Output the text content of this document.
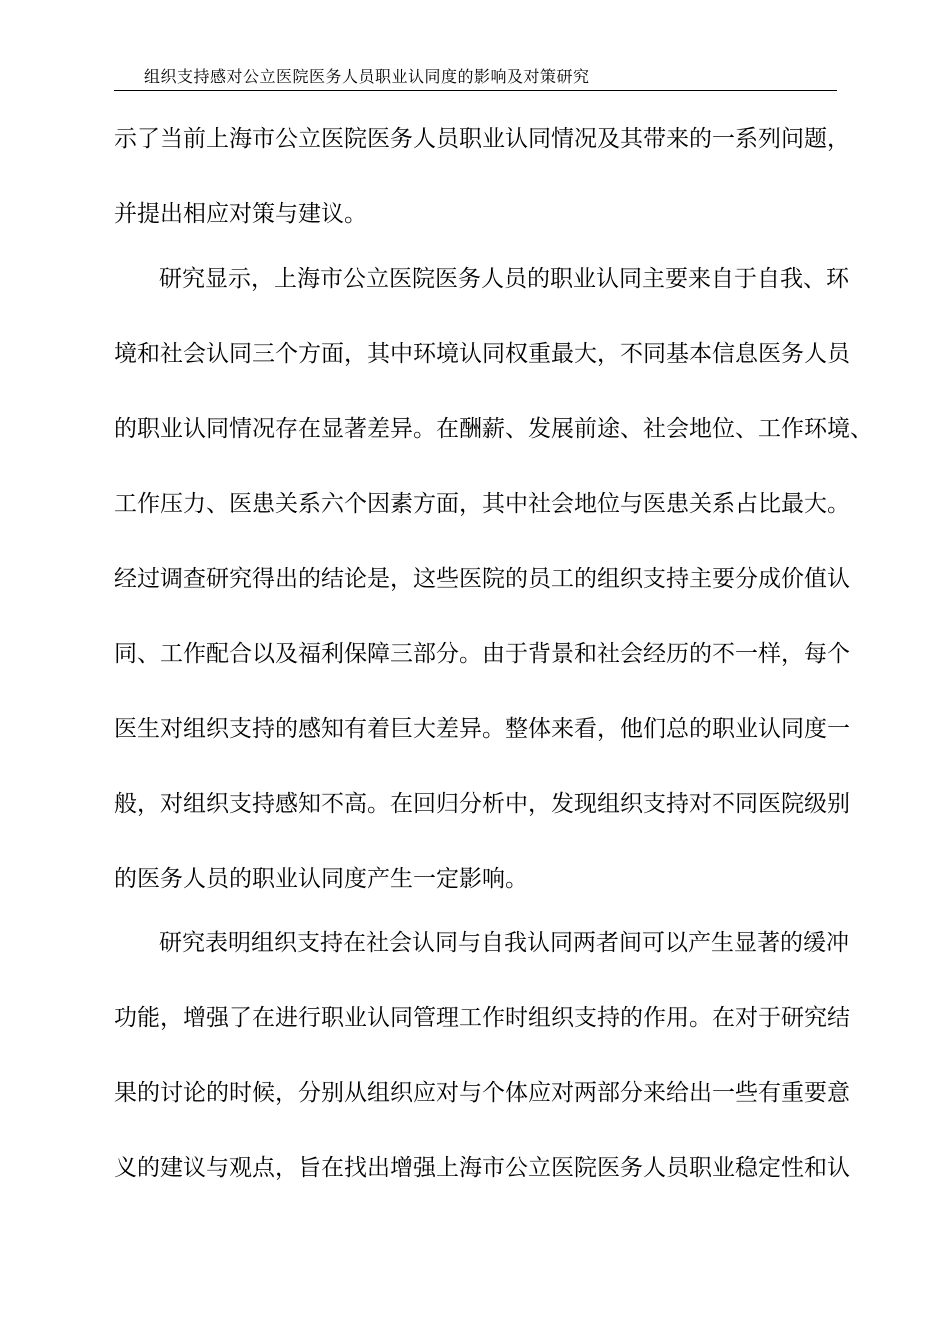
组织支持感对公立医院医务人员职业认同度的影响及对策研究
示了当前上海市公立医院医务人员职业认同情况及其带来的一系列问题，
并提出相应对策与建议。
研究显示，上海市公立医院医务人员的职业认同主要来自于自我、环
境和社会认同三个方面，其中环境认同权重最大，不同基本信息医务人员
的职业认同情况存在显著差异。在酬薪、发展前途、社会地位、工作环境、
工作压力、医患关系六个因素方面，其中社会地位与医患关系占比最大。
经过调查研究得出的结论是，这些医院的员工的组织支持主要分成价值认
同、工作配合以及福利保障三部分。由于背景和社会经历的不一样，每个
医生对组织支持的感知有着巨大差异。整体来看，他们总的职业认同度一
般，对组织支持感知不高。在回归分析中，发现组织支持对不同医院级别
的医务人员的职业认同度产生一定影响。
研究表明组织支持在社会认同与自我认同两者间可以产生显著的缓冲
功能，增强了在进行职业认同管理工作时组织支持的作用。在对于研究结
果的讨论的时候，分别从组织应对与个体应对两部分来给出一些有重要意
义的建议与观点，旨在找出增强上海市公立医院医务人员职业稳定性和认
